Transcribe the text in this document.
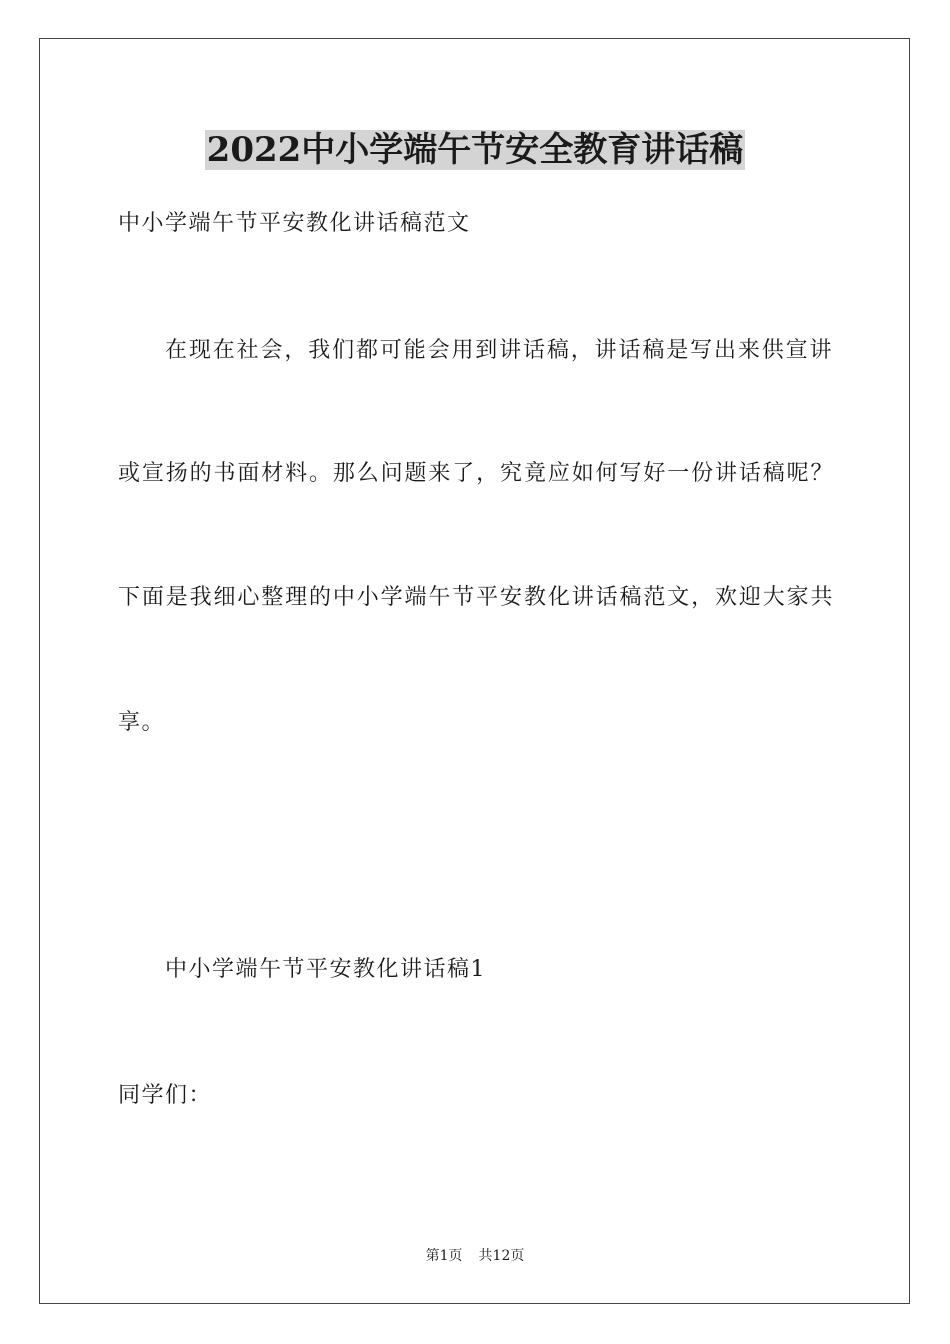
2022中小学端午节安全教育讲话稿
中小学端午节平安教化讲话稿范文
在现在社会，我们都可能会用到讲话稿，讲话稿是写出来供宣讲
或宣扬的书面材料。那么问题来了，究竟应如何写好一份讲话稿呢？
下面是我细心整理的中小学端午节平安教化讲话稿范文，欢迎大家共
享。
中小学端午节平安教化讲话稿1
同学们：
第1页 共12页
